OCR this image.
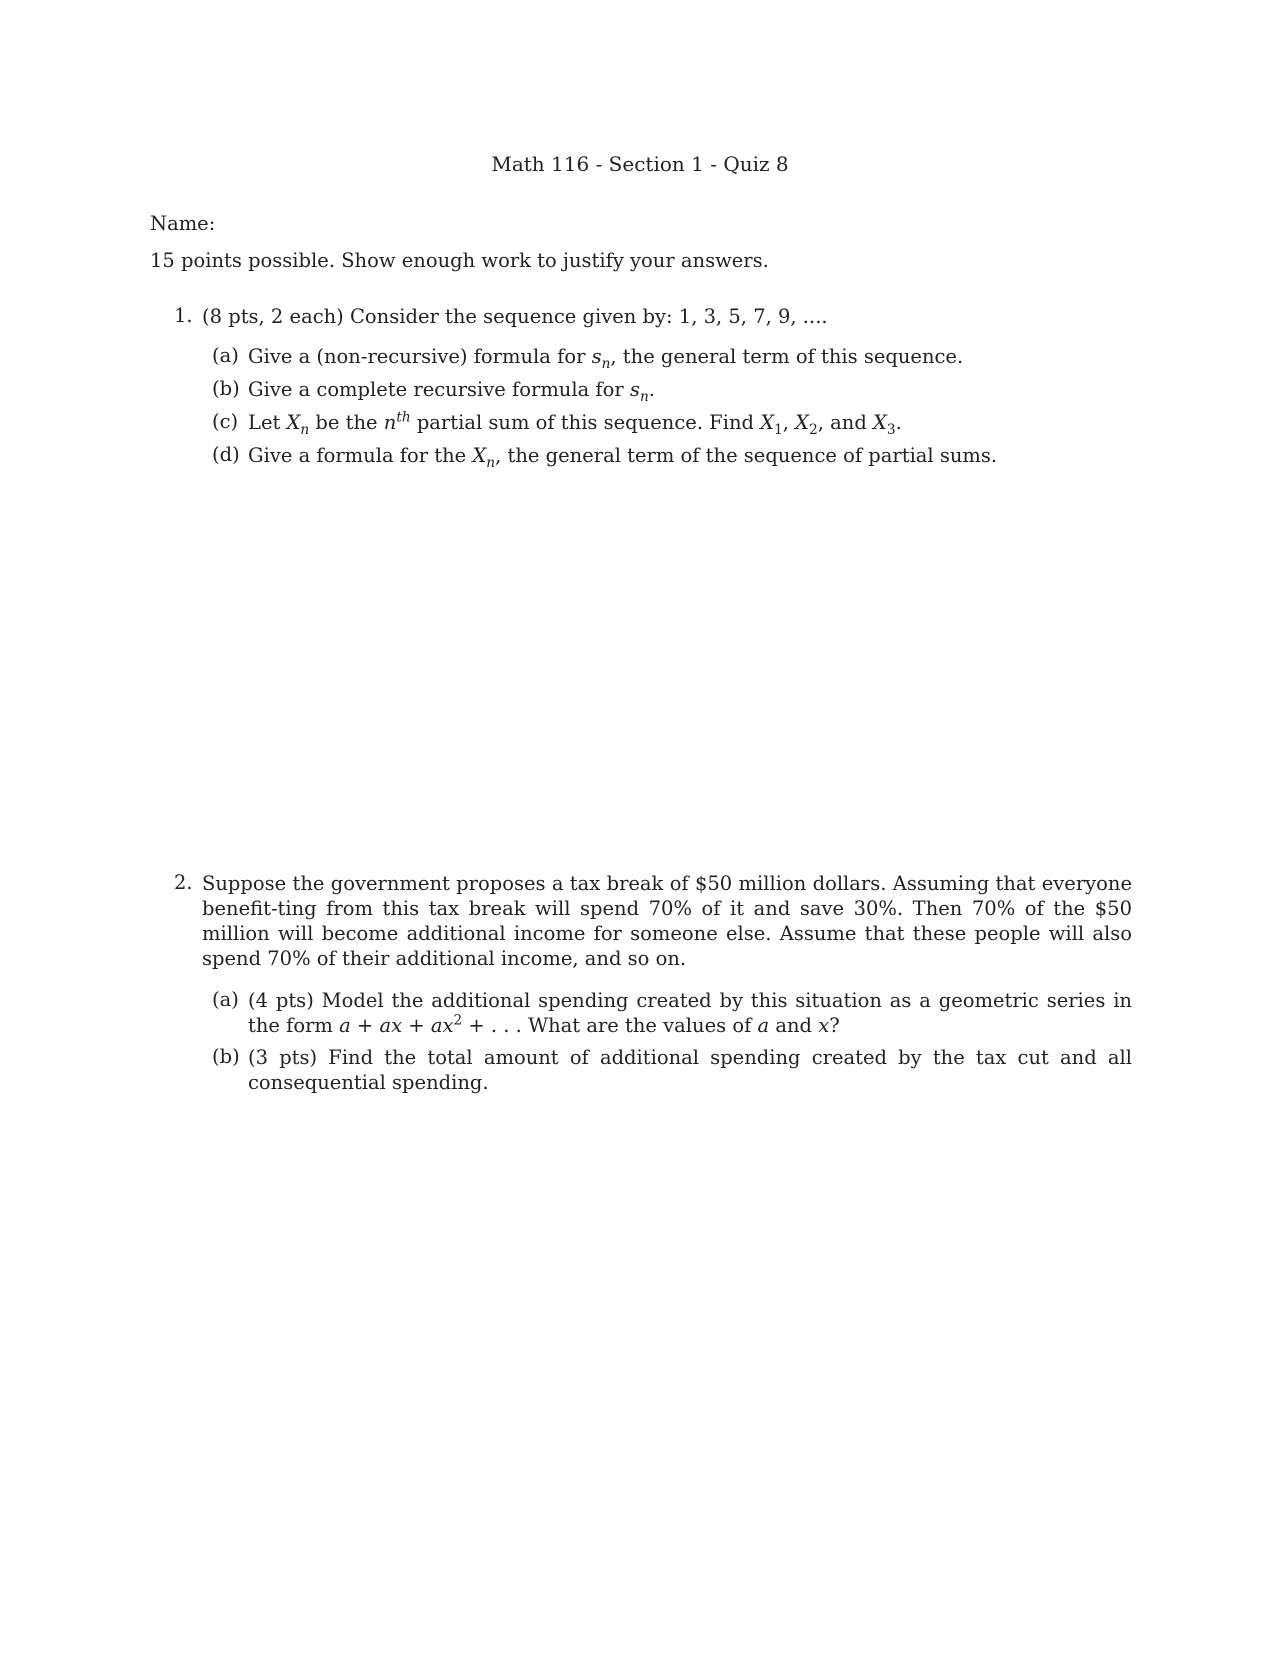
Math 116 - Section 1 - Quiz 8
Name:
15 points possible. Show enough work to justify your answers.
1. (8 pts, 2 each) Consider the sequence given by: 1, 3, 5, 7, 9, ....
(a) Give a (non-recursive) formula for $s_n$, the general term of this sequence.
(b) Give a complete recursive formula for $s_n$.
(c) Let $X_n$ be the $n^{th}$ partial sum of this sequence. Find $X_1$, $X_2$, and $X_3$.
(d) Give a formula for the $X_n$, the general term of the sequence of partial sums.
2. Suppose the government proposes a tax break of $50 million dollars. Assuming that everyone benefit-ting from this tax break will spend 70% of it and save 30%. Then 70% of the $50 million will become additional income for someone else. Assume that these people will also spend 70% of their additional income, and so on.
(a) (4 pts) Model the additional spending created by this situation as a geometric series in the form a + ax + $ax^2$ + . . . What are the values of a and x?
(b) (3 pts) Find the total amount of additional spending created by the tax cut and all consequential spending.
